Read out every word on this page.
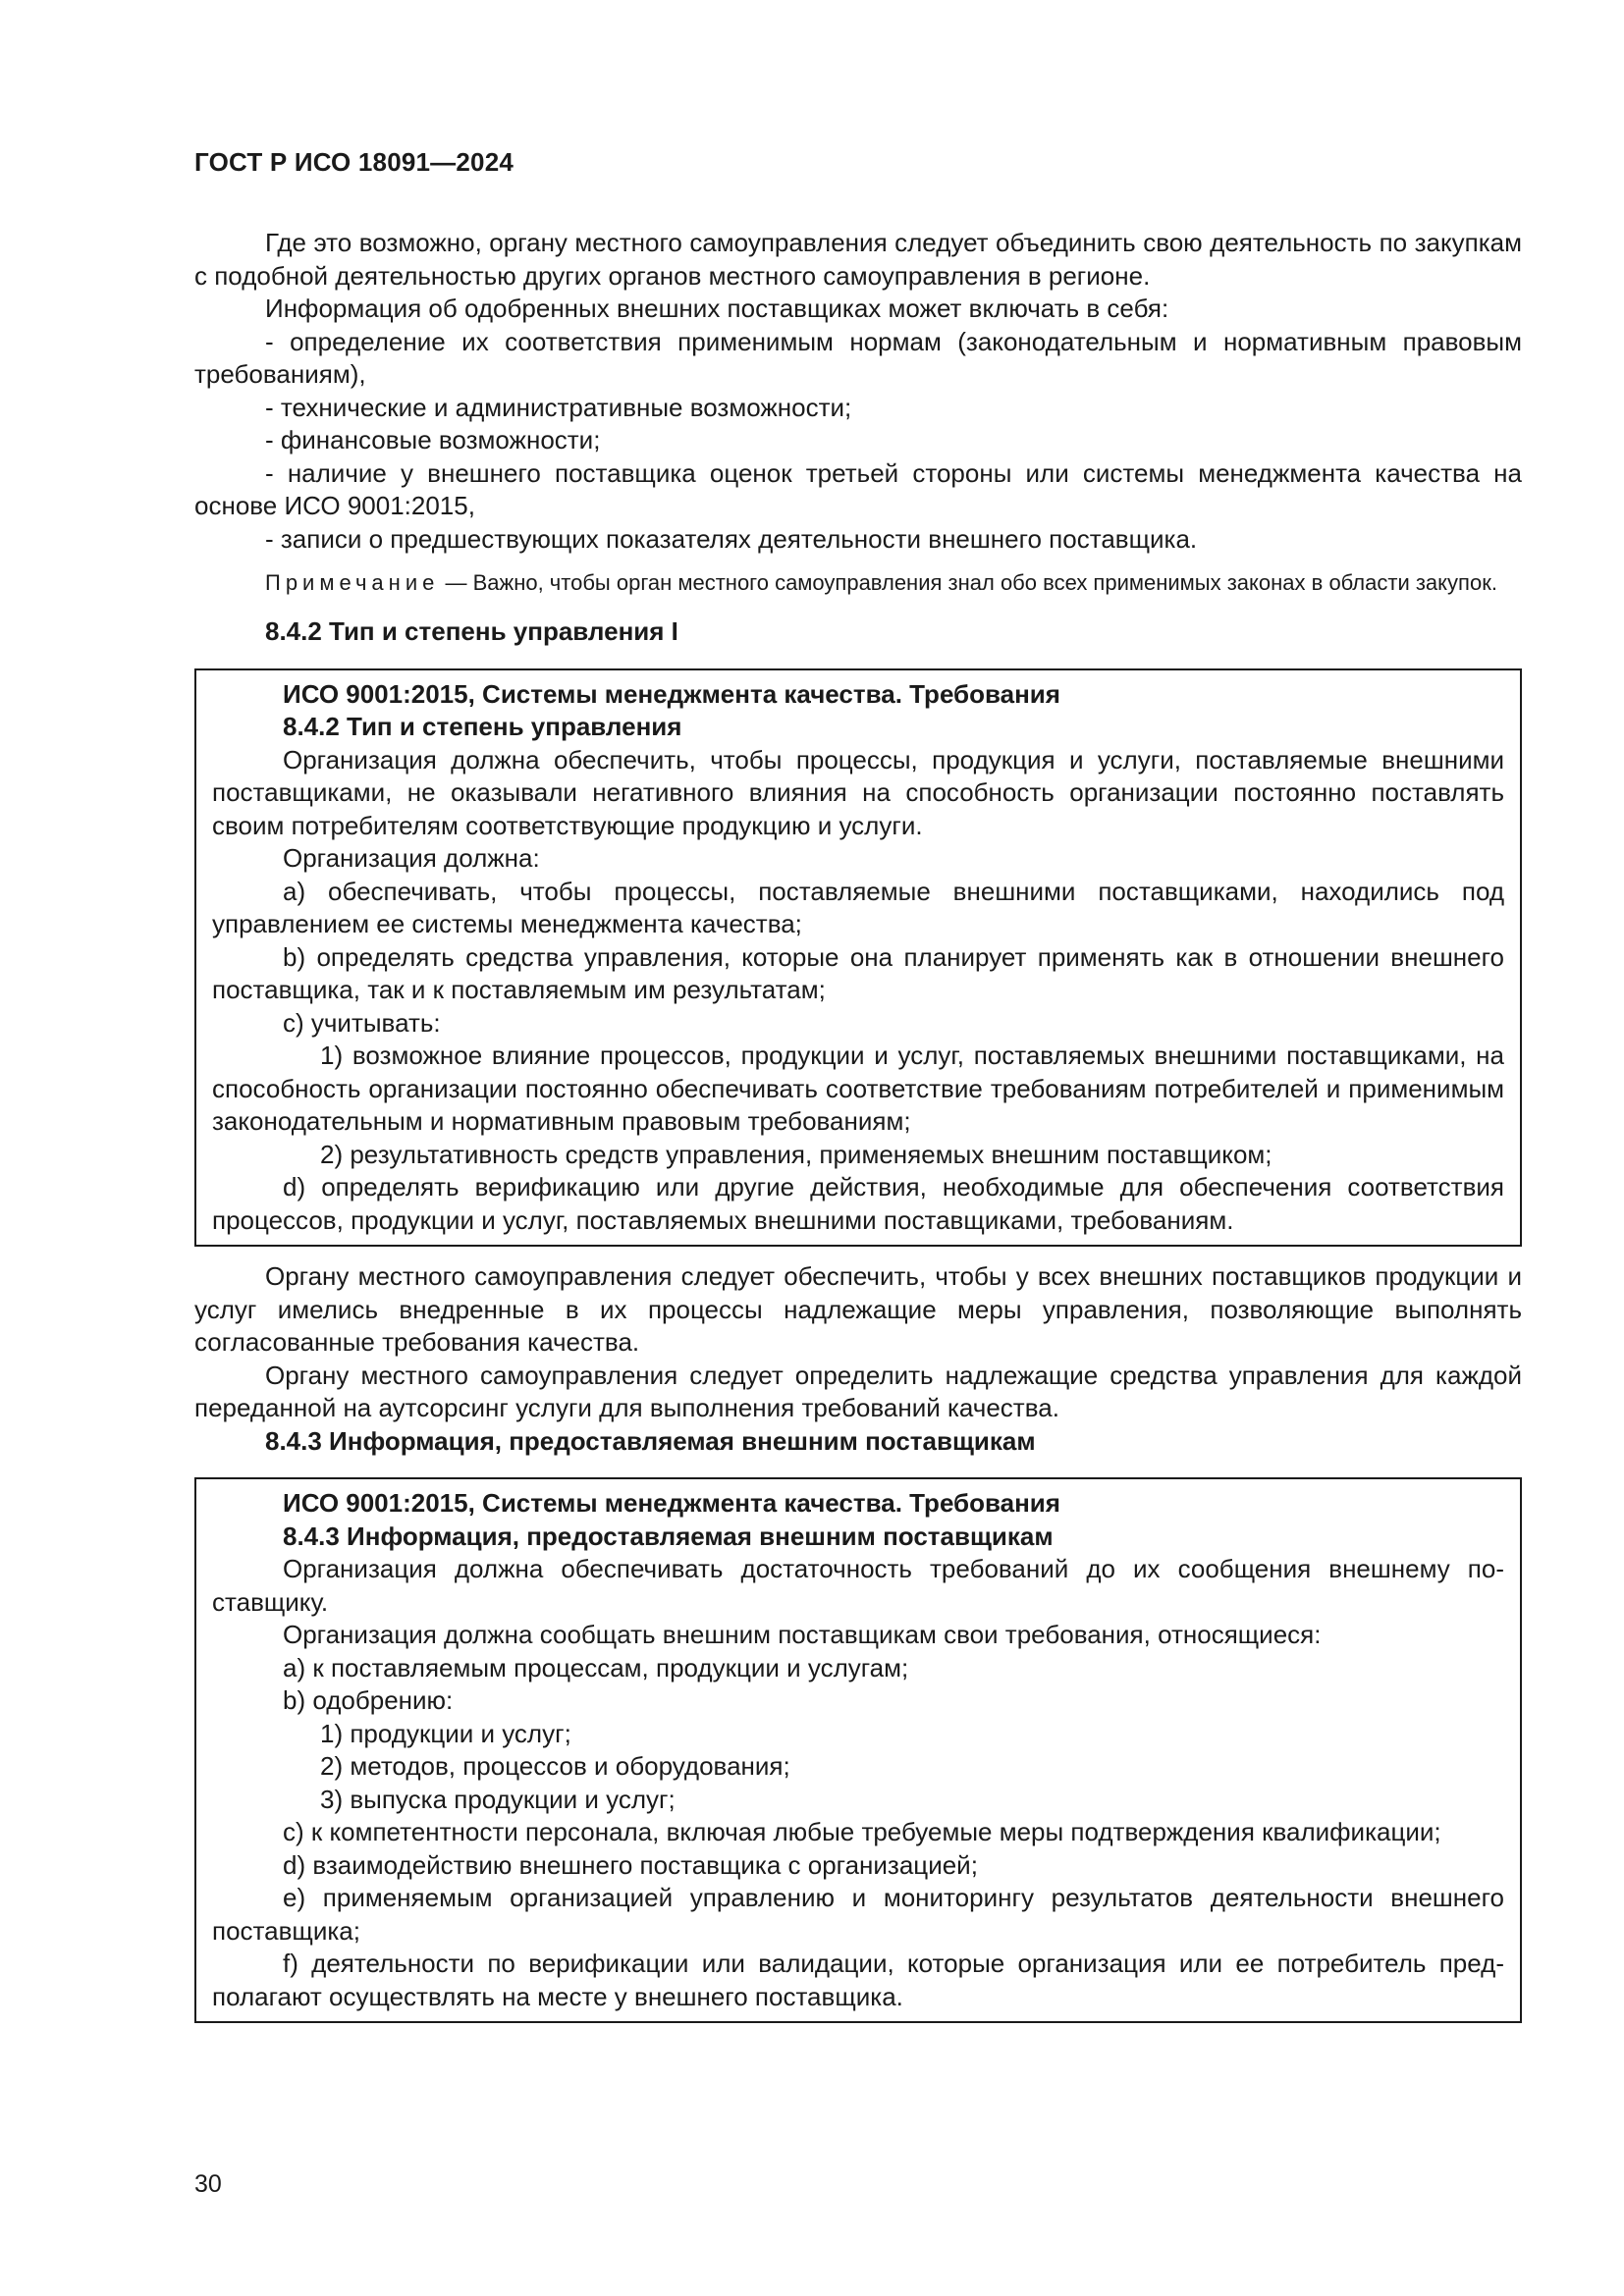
ГОСТ Р ИСО 18091—2024

Где это возможно, органу местного самоуправления следует объединить свою деятельность по закупкам с подобной деятельностью других органов местного самоуправления в регионе.

Информация об одобренных внешних поставщиках может включать в себя:

- определение их соответствия применимым нормам (законодательным и нормативным правовым требованиям),

- технические и административные возможности;

- финансовые возможности;

- наличие у внешнего поставщика оценок третьей стороны или системы менеджмента качества на основе ИСО 9001:2015,

- записи о предшествующих показателях деятельности внешнего поставщика.

Примечание — Важно, чтобы орган местного самоуправления знал обо всех применимых законах в области закупок.

8.4.2 Тип и степень управления I

ИСО 9001:2015, Системы менеджмента качества. Требования

8.4.2 Тип и степень управления

Организация должна обеспечить, чтобы процессы, продукция и услуги, поставляемые внешними поставщиками, не оказывали негативного влияния на способность организации постоянно поставлять своим потребителям соответствующие продукцию и услуги.

Организация должна:

а) обеспечивать, чтобы процессы, поставляемые внешними поставщиками, находились под управлением ее системы менеджмента качества;

b) определять средства управления, которые она планирует применять как в отношении внешнего поставщика, так и к поставляемым им результатам;

с) учитывать:

1) возможное влияние процессов, продукции и услуг, поставляемых внешними поставщиками, на способность организации постоянно обеспечивать соответствие требованиям потребителей и применимым законодательным и нормативным правовым требованиям;

2) результативность средств управления, применяемых внешним поставщиком;

d) определять верификацию или другие действия, необходимые для обеспечения соответствия процессов, продукции и услуг, поставляемых внешними поставщиками, требованиям.

Органу местного самоуправления следует обеспечить, чтобы у всех внешних поставщиков продукции и услуг имелись внедренные в их процессы надлежащие меры управления, позволяющие выполнять согласованные требования качества.

Органу местного самоуправления следует определить надлежащие средства управления для каждой переданной на аутсорсинг услуги для выполнения требований качества.

8.4.3 Информация, предоставляемая внешним поставщикам

ИСО 9001:2015, Системы менеджмента качества. Требования

8.4.3 Информация, предоставляемая внешним поставщикам

Организация должна обеспечивать достаточность требований до их сообщения внешнему поставщику.

Организация должна сообщать внешним поставщикам свои требования, относящиеся:

а) к поставляемым процессам, продукции и услугам;

b) одобрению:

1) продукции и услуг;

2) методов, процессов и оборудования;

3) выпуска продукции и услуг;

с) к компетентности персонала, включая любые требуемые меры подтверждения квалификации;

d) взаимодействию внешнего поставщика с организацией;

е) применяемым организацией управлению и мониторингу результатов деятельности внешнего поставщика;

f) деятельности по верификации или валидации, которые организация или ее потребитель предполагают осуществлять на месте у внешнего поставщика.

30
